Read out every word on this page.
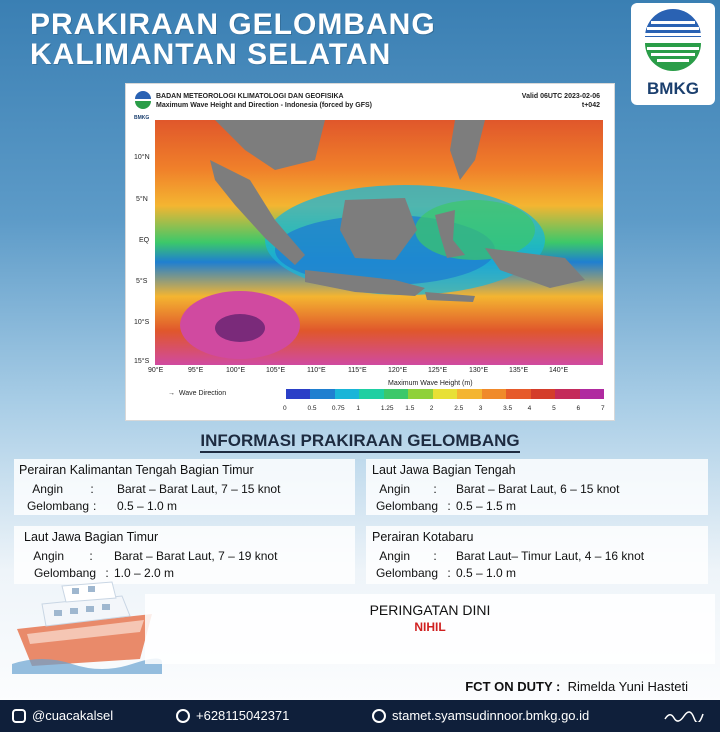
PRAKIRAAN GELOMBANG
KALIMANTAN SELATAN
BMKG
BMKG
BADAN METEOROLOGI KLIMATOLOGI DAN GEOFISIKA
Maximum Wave Height and Direction - Indonesia (forced by GFS)
Valid 06UTC 2023-02-06
t+042
10°N
5°N
EQ
5°S
10°S
15°S
90°E	95°E	100°E	105°E	110°E	115°E	120°E	125°E	130°E	135°E	140°E
→  Wave Direction
Maximum Wave Height (m)
0	0.5 0.75 1	1.25 1.5 2	2.5 3	3.5 4	5	6	7
INFORMASI PRAKIRAAN GELOMBANG
Perairan Kalimantan Tengah Bagian Timur
Angin	:	Barat – Barat Laut, 7 – 15 knot
Gelombang :	0.5 – 1.0 m
Laut Jawa Bagian Tengah
Angin	:	Barat – Barat Laut, 6 – 15 knot
Gelombang : 0.5 – 1.5 m
Laut Jawa Bagian Timur
Angin	:	Barat – Barat Laut, 7 – 19 knot
Gelombang : 1.0 – 2.0 m
Perairan Kotabaru
Angin	:	Barat Laut– Timur Laut, 4 – 16 knot
Gelombang : 0.5 – 1.0 m
PERINGATAN DINI
NIHIL
FCT ON DUTY : Rimelda Yuni Hasteti
@cuacakalsel	+628115042371	stamet.syamsudinnoor.bmkg.go.id
